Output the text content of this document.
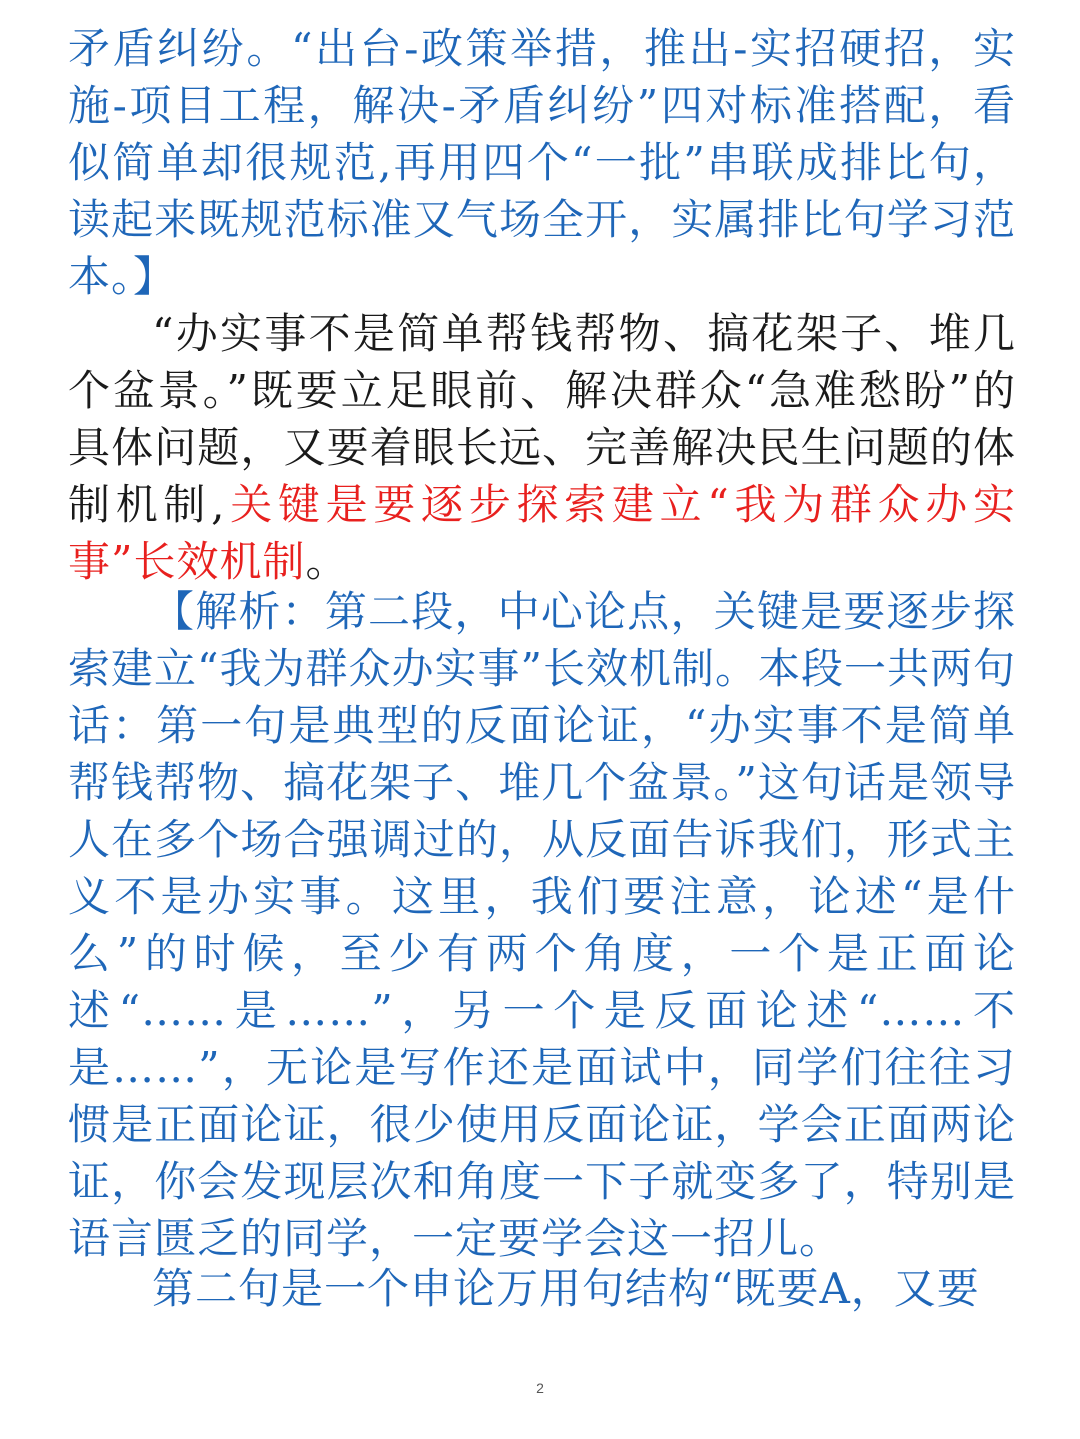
矛盾纠纷。“出台-政策举措，推出-实招硬招，实施-项目工程，解决-矛盾纠纷”四对标准搭配，看似简单却很规范,再用四个“一批”串联成排比句，读起来既规范标准又气场全开，实属排比句学习范本。】

“办实事不是简单帮钱帮物、搞花架子、堆几个盆景。”既要立足眼前、解决群众“急难愁盼”的具体问题，又要着眼长远、完善解决民生问题的体制机制,关键是要逐步探索建立“我为群众办实事”长效机制。

【解析：第二段，中心论点，关键是要逐步探索建立“我为群众办实事”长效机制。本段一共两句话：第一句是典型的反面论证，“办实事不是简单帮钱帮物、搞花架子、堆几个盆景。”这句话是领导人在多个场合强调过的，从反面告诉我们，形式主义不是办实事。这里，我们要注意，论述“是什么”的时候，至少有两个角度，一个是正面论述“……是……”，另一个是反面论述“……不是……”，无论是写作还是面试中，同学们往往习惯是正面论证，很少使用反面论证，学会正面两论证，你会发现层次和角度一下子就变多了，特别是语言匮乏的同学，一定要学会这一招儿。

第二句是一个申论万用句结构“既要A，又要

2
